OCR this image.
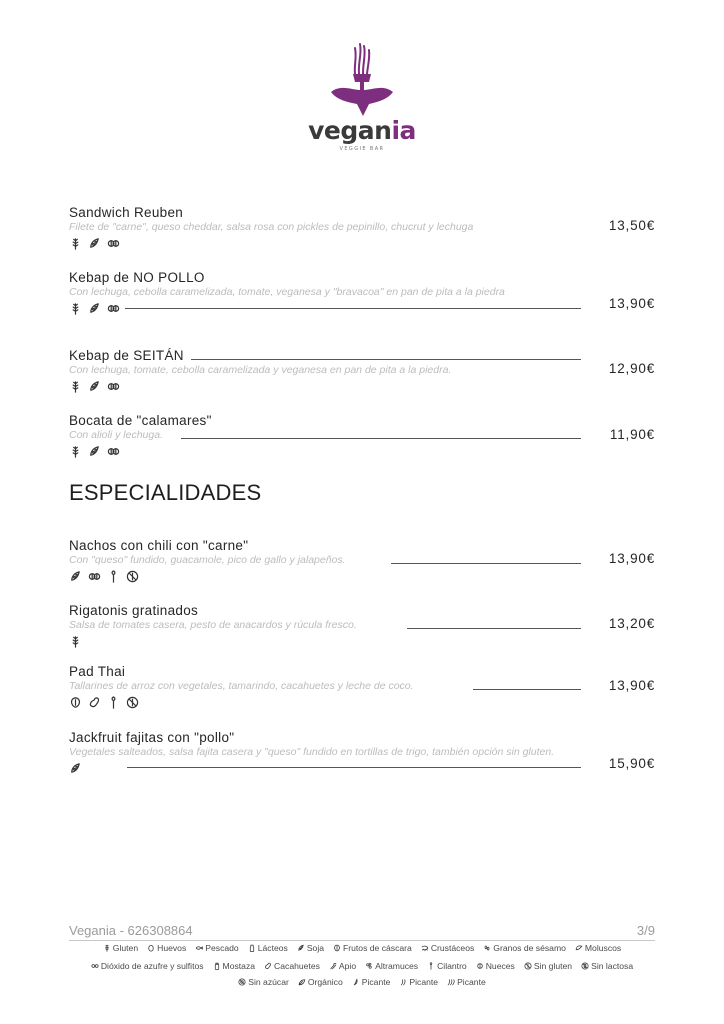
vegania
VEGGIE BAR
Sandwich Reuben
Filete de "carne", queso cheddar, salsa rosa con pickles de pepinillo, chucrut y lechuga	13,50€
Kebap de NO POLLO
Con lechuga, cebolla caramelizada, tomate, veganesa y "bravacoa" en pan de pita a la piedra
13,90€
Kebap de SEITÁN
Con lechuga, tomate, cebolla caramelizada y veganesa en pan de pita a la piedra.	12,90€
Bocata de "calamares"
Con alioli y lechuga.	11,90€
ESPECIALIDADES
Nachos con chili con "carne"
Con "queso" fundido, guacamole, pico de gallo y jalapeños.	13,90€
Rigatonis gratinados
Salsa de tomates casera, pesto de anacardos y rúcula fresco.	13,20€
Pad Thai
Tallarines de arroz con vegetales, tamarindo, cacahuetes y leche de coco.	13,90€
Jackfruit fajitas con "pollo"
Vegetales salteados, salsa fajita casera y "queso" fundido en tortillas de trigo, también opción sin gluten.
15,90€
Vegania - 626308864	3/9
Gluten Huevos Pescado Lácteos Soja Frutos de cáscara Crustáceos Granos de sésamo Moluscos
Dióxido de azufre y sulfitos Mostaza Cacahuetes Apio Altramuces Cilantro Nueces Sin gluten Sin lactosa
Sin azúcar Orgánico Picante Picante Picante
